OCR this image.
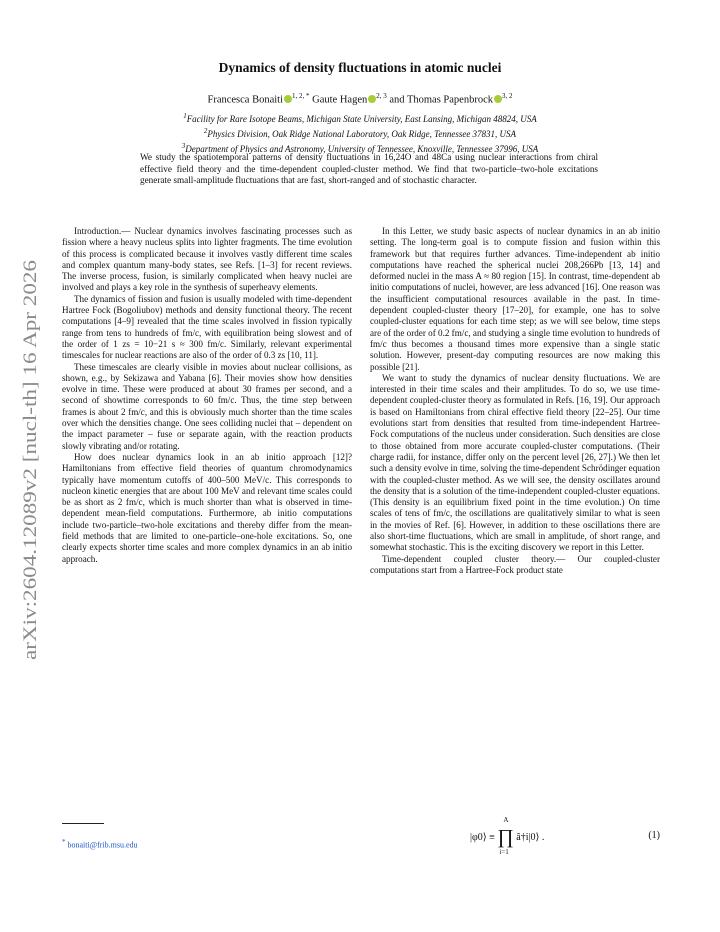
arXiv:2604.12089v2 [nucl-th] 16 Apr 2026
Dynamics of density fluctuations in atomic nuclei
Francesca Bonaiti $^{1, 2, *}$ Gaute Hagen $^{2, 3}$ and Thomas Papenbrock $^{3, 2}$
$^1$Facility for Rare Isotope Beams, Michigan State University, East Lansing, Michigan 48824, USA
$^2$Physics Division, Oak Ridge National Laboratory, Oak Ridge, Tennessee 37831, USA
$^3$Department of Physics and Astronomy, University of Tennessee, Knoxville, Tennessee 37996, USA
We study the spatiotemporal patterns of density fluctuations in 16,24O and 48Ca using nuclear interactions from chiral effective field theory and the time-dependent coupled-cluster method. We find that two-particle–two-hole excitations generate small-amplitude fluctuations that are fast, short-ranged and of stochastic character.

Introduction.— Nuclear dynamics involves fascinating processes such as fission where a heavy nucleus splits into lighter fragments. The time evolution of this process is complicated because it involves vastly different time scales and complex quantum many-body states, see Refs. [1–3] for recent reviews. The inverse process, fusion, is similarly complicated when heavy nuclei are involved and plays a key role in the synthesis of superheavy elements.

The dynamics of fission and fusion is usually modeled with time-dependent Hartree Fock (Bogoliubov) methods and density functional theory. The recent computations [4–9] revealed that the time scales involved in fission typically range from tens to hundreds of fm/c, with equilibration being slowest and of the order of 1 zs = 10−21 s ≈ 300 fm/c. Similarly, relevant experimental timescales for nuclear reactions are also of the order of 0.3 zs [10, 11].

These timescales are clearly visible in movies about nuclear collisions, as shown, e.g., by Sekizawa and Yabana [6]. Their movies show how densities evolve in time. These were produced at about 30 frames per second, and a second of showtime corresponds to 60 fm/c. Thus, the time step between frames is about 2 fm/c, and this is obviously much shorter than the time scales over which the densities change. One sees colliding nuclei that – dependent on the impact parameter – fuse or separate again, with the reaction products slowly vibrating and/or rotating.

How does nuclear dynamics look in an ab initio approach [12]? Hamiltonians from effective field theories of quantum chromodynamics typically have momentum cutoffs of 400–500 MeV/c. This corresponds to nucleon kinetic energies that are about 100 MeV and relevant time scales could be as short as 2 fm/c, which is much shorter than what is observed in time-dependent mean-field computations. Furthermore, ab initio computations include two-particle–two-hole excitations and thereby differ from the mean-field methods that are limited to one-particle–one-hole excitations. So, one clearly expects shorter time scales and more complex dynamics in an ab initio approach.

In this Letter, we study basic aspects of nuclear dynamics in an ab initio setting. The long-term goal is to compute fission and fusion within this framework but that requires further advances. Time-independent ab initio computations have reached the spherical nuclei 208,266Pb [13, 14] and deformed nuclei in the mass A ≈ 80 region [15]. In contrast, time-dependent ab initio computations of nuclei, however, are less advanced [16]. One reason was the insufficient computational resources available in the past. In time-dependent coupled-cluster theory [17–20], for example, one has to solve coupled-cluster equations for each time step; as we will see below, time steps are of the order of 0.2 fm/c, and studying a single time evolution to hundreds of fm/c thus becomes a thousand times more expensive than a single static solution. However, present-day computing resources are now making this possible [21].

We want to study the dynamics of nuclear density fluctuations. We are interested in their time scales and their amplitudes. To do so, we use time-dependent coupled-cluster theory as formulated in Refs. [16, 19]. Our approach is based on Hamiltonians from chiral effective field theory [22–25]. Our time evolutions start from densities that resulted from time-independent Hartree-Fock computations of the nucleus under consideration. Such densities are close to those obtained from more accurate coupled-cluster computations. (Their charge radii, for instance, differ only on the percent level [26, 27].) We then let such a density evolve in time, solving the time-dependent Schrödinger equation with the coupled-cluster method. As we will see, the density oscillates around the density that is a solution of the time-independent coupled-cluster equations. (This density is an equilibrium fixed point in the time evolution.) On time scales of tens of fm/c, the oscillations are qualitatively similar to what is seen in the movies of Ref. [6]. However, in addition to these oscillations there are also short-time fluctuations, which are small in amplitude, of short range, and somewhat stochastic. This is the exciting discovery we report in this Letter.

Time-dependent coupled cluster theory.— Our coupled-cluster computations start from a Hartree-Fock product state

* bonaiti@frib.msu.edu
|φ0⟩ ≡ ∏
A
i=1
â†i|0⟩ .	(1)
